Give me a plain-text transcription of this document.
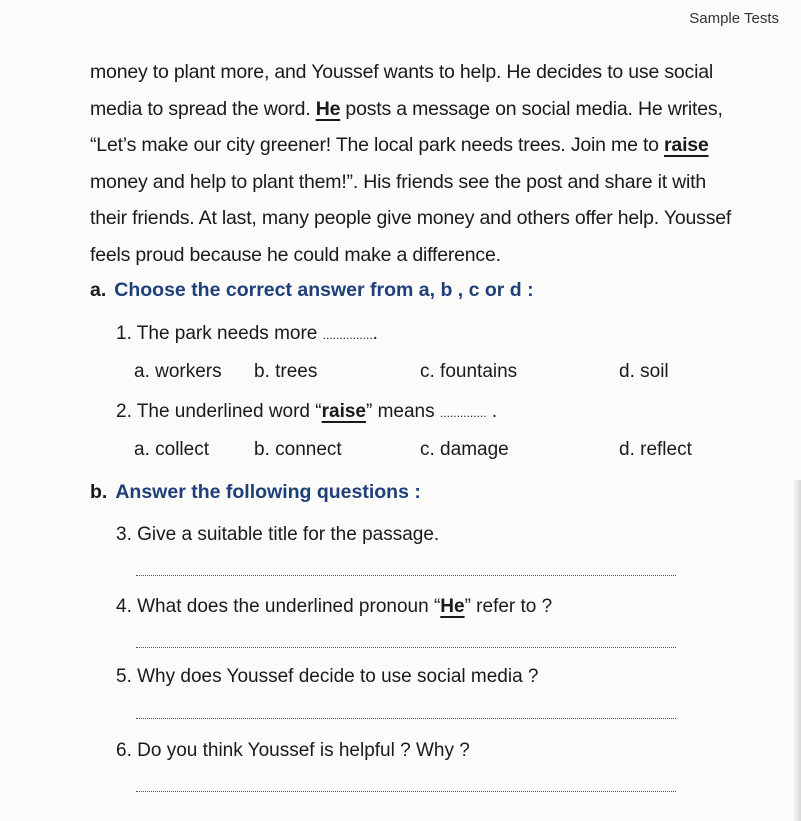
Sample Tests

money to plant more, and Youssef wants to help. He decides to use social

media to spread the word. He posts a message on social media. He writes,

“Let’s make our city greener! The local park needs trees. Join me to raise

money and help to plant them!”. His friends see the post and share it with

their friends. At last, many people give money and others offer help. Youssef

feels proud because he could make a difference.

a. Choose the correct answer from a, b , c or d :
1. The park needs more ................
a. workers b. trees	c. fountains	d. soil
2. The underlined word “raise” means .............. .
a. collect b. connect	c. damage	d. reflect
b. Answer the following questions :
3. Give a suitable title for the passage.
4. What does the underlined pronoun “He” refer to ?
5. Why does Youssef decide to use social media ?
6. Do you think Youssef is helpful ? Why ?
